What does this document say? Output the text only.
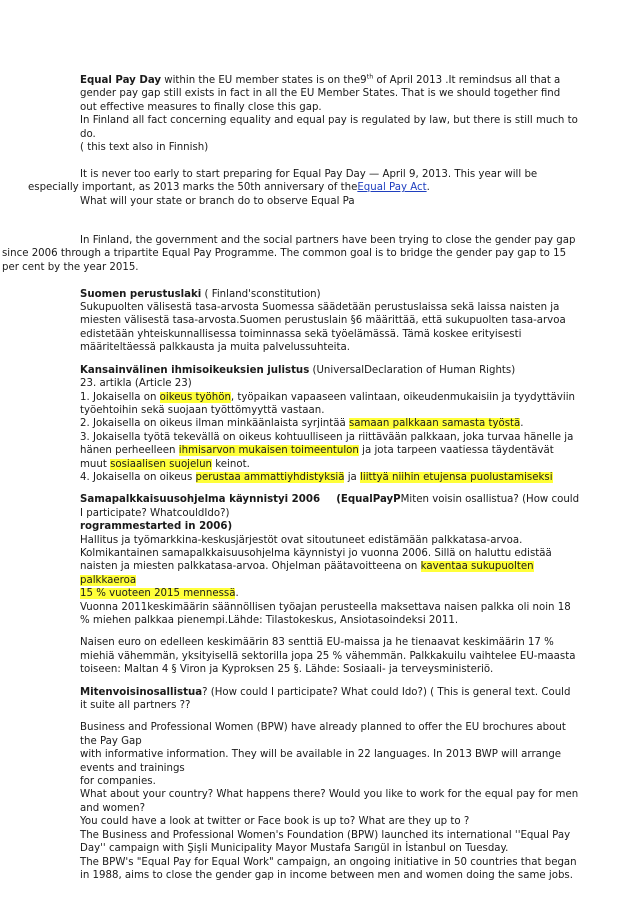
Equal Pay Day within the EU member states is on the9th of April 2013 .It remindsus all that a gender pay gap still exists in fact in all the EU Member States. That is we should together find out effective measures to finally close this gap.

In Finland all fact concerning equality and equal pay is regulated by law, but there is still much to do.

( this text also in Finnish)

It is never too early to start preparing for Equal Pay Day — April 9, 2013. This year will be especially important, as 2013 marks the 50th anniversary of theEqual Pay Act.

What will your state or branch do to observe Equal Pa

In Finland, the government and the social partners have been trying to close the gender pay gap since 2006 through a tripartite Equal Pay Programme. The common goal is to bridge the gender pay gap to 15 per cent by the year 2015.

Suomen perustuslaki ( Finland'sconstitution)

Sukupuolten välisestä tasa-arvosta Suomessa säädetään perustuslaissa sekä laissa naisten ja miesten välisestä tasa-arvosta.Suomen perustuslain §6 määrittää, että sukupuolten tasa-arvoa edistetään yhteiskunnallisessa toiminnassa sekä työelämässä. Tämä koskee erityisesti määriteltäessä palkkausta ja muita palvelussuhteita.

Kansainvälinen ihmisoikeuksien julistus (UniversalDeclaration of Human Rights)

23. artikla (Article 23)

1. Jokaisella on oikeus työhön, työpaikan vapaaseen valintaan, oikeudenmukaisiin ja tyydyttäviin työehtoihin sekä suojaan työttömyyttä vastaan.

2. Jokaisella on oikeus ilman minkäänlaista syrjintää samaan palkkaan samasta työstä.

3. Jokaisella työtä tekevällä on oikeus kohtuulliseen ja riittävään palkkaan, joka turvaa hänelle ja hänen perheelleen ihmisarvon mukaisen toimeentulon ja jota tarpeen vaatiessa täydentävät muut sosiaalisen suojelun keinot.

4. Jokaisella on oikeus perustaa ammattiyhdistyksiä ja liittyä niihin etujensa puolustamiseksi

Samapalkkaisuusohjelma käynnistyi 2006 (EqualPayPMiten voisin osallistua? (How could I participate? WhatcouldIdo?)

rogrammestarted in 2006)

Hallitus ja työmarkkina-keskusjärjestöt ovat sitoutuneet edistämään palkkatasa-arvoa.

Kolmikantainen samapalkkaisuusohjelma käynnistyi jo vuonna 2006. Sillä on haluttu edistää naisten ja miesten palkkatasa-arvoa. Ohjelman päätavoitteena on kaventaa sukupuolten palkkaeroa
15 % vuoteen 2015 mennessä.

Vuonna 2011keskimäärin säännöllisen työajan perusteella maksettava naisen palkka oli noin 18 % miehen palkkaa pienempi.Lähde: Tilastokeskus, Ansiotasoindeksi 2011.

Naisen euro on edelleen keskimäärin 83 senttiä EU-maissa ja he tienaavat keskimäärin 17 % miehiä vähemmän, yksityisellä sektorilla jopa 25 % vähemmän. Palkkakuilu vaihtelee EU-maasta toiseen: Maltan 4 § Viron ja Kyproksen 25 §. Lähde: Sosiaali- ja terveysministeriö.

Mitenvoisinosallistua? (How could I participate? What could Ido?) ( This is general text. Could it suite all partners ??

Business and Professional Women (BPW) have already planned to offer the EU brochures about the Pay Gap

with informative information. They will be available in 22 languages. In 2013 BWP will arrange events and trainings

for companies.

What about your country? What happens there? Would you like to work for the equal pay for men and women?

You could have a look at twitter or Face book is up to? What are they up to ?

The Business and Professional Women's Foundation (BPW) launched its international ''Equal Pay Day'' campaign with Şişli Municipality Mayor Mustafa Sarıgül in İstanbul on Tuesday.

The BPW's "Equal Pay for Equal Work" campaign, an ongoing initiative in 50 countries that began in 1988, aims to close the gender gap in income between men and women doing the same jobs.
